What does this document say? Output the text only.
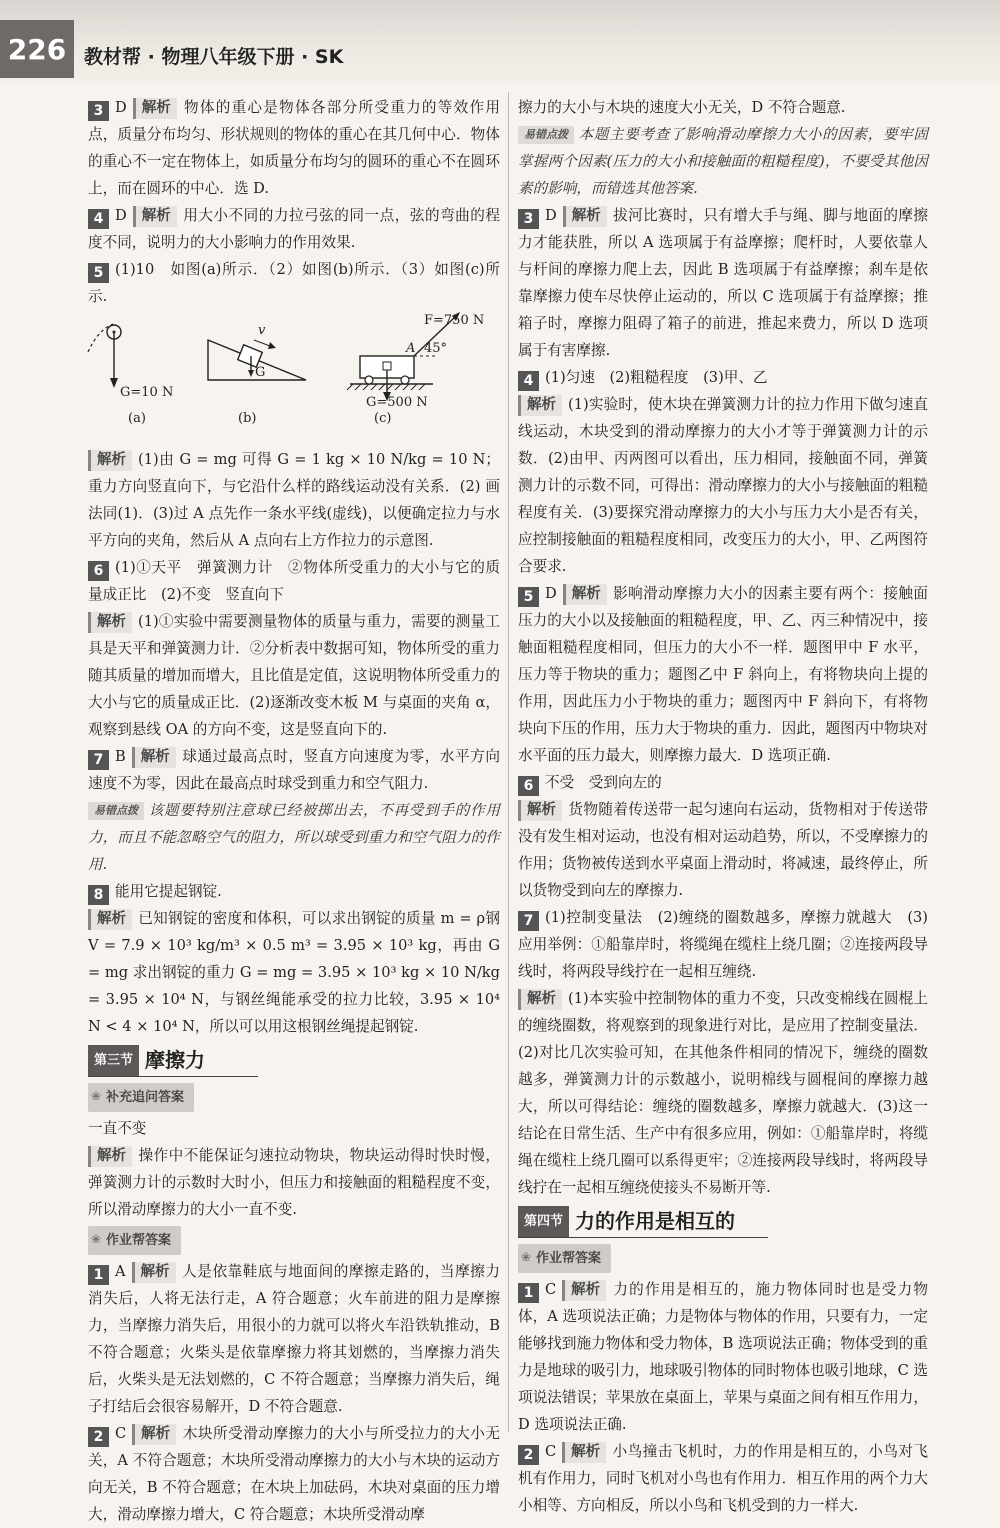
226 教材帮 · 物理八年级下册 · SK

3 D 解析 物体的重心是物体各部分所受重力的等效作用点，质量分布均匀、形状规则的物体的重心在其几何中心．物体的重心不一定在物体上，如质量分布均匀的圆环的重心不在圆环上，而在圆环的中心．选 D.

4 D 解析 用大小不同的力拉弓弦的同一点，弦的弯曲的程度不同，说明力的大小影响力的作用效果.

5 (1)10　如图(a)所示．（2）如图(b)所示．（3）如图(c)所示.

G=10 N
(a)
G
v
(b)
A 45°
F=750 N
G=500 N
(c)

解析 (1)由 G = mg 可得 G = 1 kg × 10 N/kg = 10 N；重力方向竖直向下，与它沿什么样的路线运动没有关系．(2) 画法同(1)．(3)过 A 点先作一条水平线(虚线)，以便确定拉力与水平方向的夹角，然后从 A 点向右上方作拉力的示意图.

6 (1)①天平　弹簧测力计　②物体所受重力的大小与它的质量成正比　(2)不变　竖直向下

解析 (1)①实验中需要测量物体的质量与重力，需要的测量工具是天平和弹簧测力计．②分析表中数据可知，物体所受的重力随其质量的增加而增大，且比值是定值，这说明物体所受重力的大小与它的质量成正比．(2)逐渐改变木板 M 与桌面的夹角 α，观察到悬线 OA 的方向不变，这是竖直向下的.

7 B 解析 球通过最高点时，竖直方向速度为零，水平方向速度不为零，因此在最高点时球受到重力和空气阻力.

易错点拨 该题要特别注意球已经被掷出去，不再受到手的作用力，而且不能忽略空气的阻力，所以球受到重力和空气阻力的作用.

8 能用它提起钢锭.

解析 已知钢锭的密度和体积，可以求出钢锭的质量 m = ρ钢 V = 7.9 × 10³ kg/m³ × 0.5 m³ = 3.95 × 10³ kg，再由 G = mg 求出钢锭的重力 G = mg = 3.95 × 10³ kg × 10 N/kg = 3.95 × 10⁴ N，与钢丝绳能承受的拉力比较，3.95 × 10⁴ N < 4 × 10⁴ N，所以可以用这根钢丝绳提起钢锭.

第三节 摩擦力
❀ 补充追问答案

一直不变

解析 操作中不能保证匀速拉动物块，物块运动得时快时慢，弹簧测力计的示数时大时小，但压力和接触面的粗糙程度不变，所以滑动摩擦力的大小一直不变.

❀ 作业帮答案

1 A 解析 人是依靠鞋底与地面间的摩擦走路的，当摩擦力消失后，人将无法行走，A 符合题意；火车前进的阻力是摩擦力，当摩擦力消失后，用很小的力就可以将火车沿铁轨推动，B 不符合题意；火柴头是依靠摩擦力将其划燃的，当摩擦力消失后，火柴头是无法划燃的，C 不符合题意；当摩擦力消失后，绳子打结后会很容易解开，D 不符合题意.

2 C 解析 木块所受滑动摩擦力的大小与所受拉力的大小无关，A 不符合题意；木块所受滑动摩擦力的大小与木块的运动方向无关，B 不符合题意；在木块上加砝码，木块对桌面的压力增大，滑动摩擦力增大，C 符合题意；木块所受滑动摩

擦力的大小与木块的速度大小无关，D 不符合题意.

易错点拨 本题主要考查了影响滑动摩擦力大小的因素，要牢固掌握两个因素(压力的大小和接触面的粗糙程度)，不要受其他因素的影响，而错选其他答案.

3 D 解析 拔河比赛时，只有增大手与绳、脚与地面的摩擦力才能获胜，所以 A 选项属于有益摩擦；爬杆时，人要依靠人与杆间的摩擦力爬上去，因此 B 选项属于有益摩擦；刹车是依靠摩擦力使车尽快停止运动的，所以 C 选项属于有益摩擦；推箱子时，摩擦力阻碍了箱子的前进，推起来费力，所以 D 选项属于有害摩擦.

4 (1)匀速　(2)粗糙程度　(3)甲、乙

解析 (1)实验时，使木块在弹簧测力计的拉力作用下做匀速直线运动，木块受到的滑动摩擦力的大小才等于弹簧测力计的示数．(2)由甲、丙两图可以看出，压力相同，接触面不同，弹簧测力计的示数不同，可得出：滑动摩擦力的大小与接触面的粗糙程度有关．(3)要探究滑动摩擦力的大小与压力大小是否有关，应控制接触面的粗糙程度相同，改变压力的大小，甲、乙两图符合要求.

5 D 解析 影响滑动摩擦力大小的因素主要有两个：接触面压力的大小以及接触面的粗糙程度，甲、乙、丙三种情况中，接触面粗糙程度相同，但压力的大小不一样．题图甲中 F 水平，压力等于物块的重力；题图乙中 F 斜向上，有将物块向上提的作用，因此压力小于物块的重力；题图丙中 F 斜向下，有将物块向下压的作用，压力大于物块的重力．因此，题图丙中物块对水平面的压力最大，则摩擦力最大．D 选项正确.

6 不受　受到向左的

解析 货物随着传送带一起匀速向右运动，货物相对于传送带没有发生相对运动，也没有相对运动趋势，所以，不受摩擦力的作用；货物被传送到水平桌面上滑动时，将减速，最终停止，所以货物受到向左的摩擦力.

7 (1)控制变量法　(2)缠绕的圈数越多，摩擦力就越大　(3)应用举例：①船靠岸时，将缆绳在缆柱上绕几圈；②连接两段导线时，将两段导线拧在一起相互缠绕.

解析 (1)本实验中控制物体的重力不变，只改变棉线在圆棍上的缠绕圈数，将观察到的现象进行对比，是应用了控制变量法．(2)对比几次实验可知，在其他条件相同的情况下，缠绕的圈数越多，弹簧测力计的示数越小，说明棉线与圆棍间的摩擦力越大，所以可得结论：缠绕的圈数越多，摩擦力就越大．(3)这一结论在日常生活、生产中有很多应用，例如：①船靠岸时，将缆绳在缆柱上绕几圈可以系得更牢；②连接两段导线时，将两段导线拧在一起相互缠绕使接头不易断开等.

第四节 力的作用是相互的
❀ 作业帮答案

1 C 解析 力的作用是相互的，施力物体同时也是受力物体，A 选项说法正确；力是物体与物体的作用，只要有力，一定能够找到施力物体和受力物体，B 选项说法正确；物体受到的重力是地球的吸引力，地球吸引物体的同时物体也吸引地球，C 选项说法错误；苹果放在桌面上，苹果与桌面之间有相互作用力，D 选项说法正确.

2 C 解析 小鸟撞击飞机时，力的作用是相互的，小鸟对飞机有作用力，同时飞机对小鸟也有作用力．相互作用的两个力大小相等、方向相反，所以小鸟和飞机受到的力一样大.
